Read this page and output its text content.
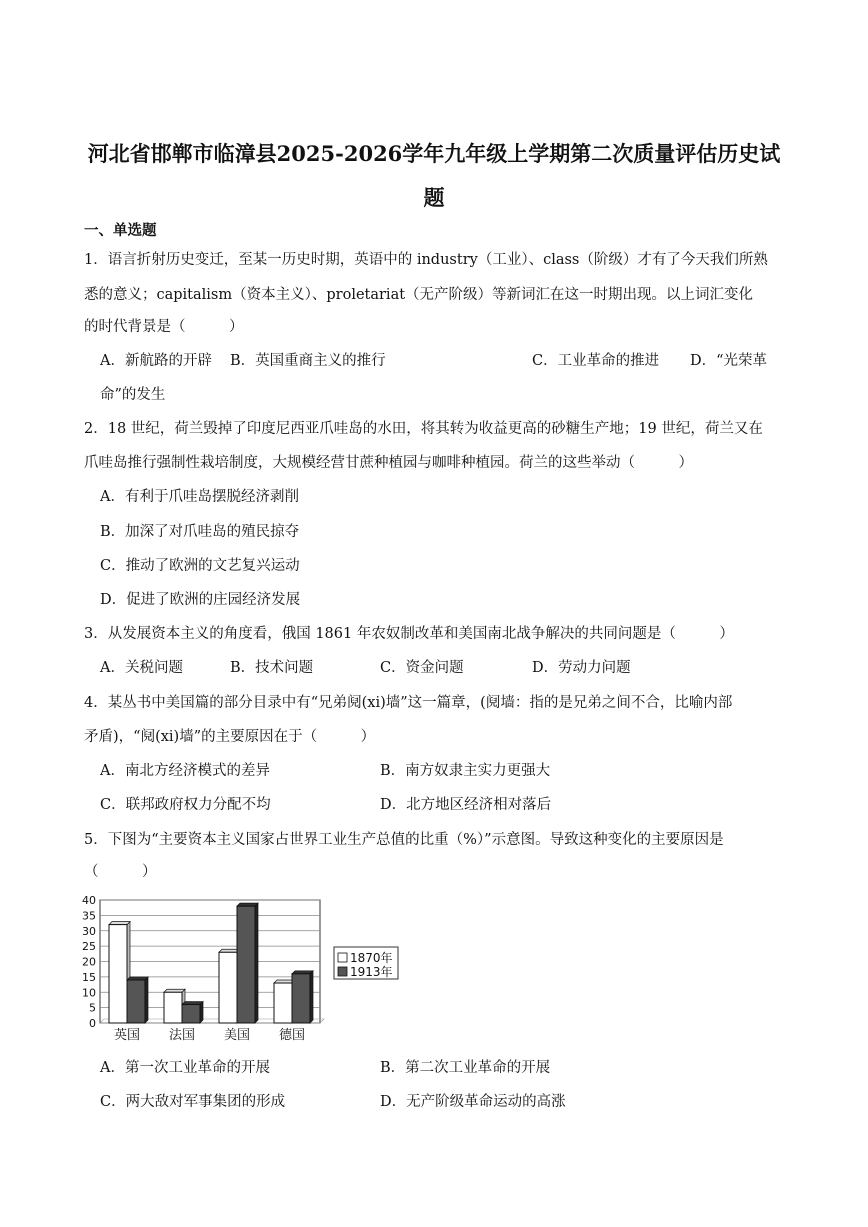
河北省邯郸市临漳县2025-2026学年九年级上学期第二次质量评估历史试
题
一、单选题
1．语言折射历史变迁，至某一历史时期，英语中的 industry（工业）、class（阶级）才有了今天我们所熟
悉的意义；capitalism（资本主义）、proletariat（无产阶级）等新词汇在这一时期出现。以上词汇变化
的时代背景是（　　　）
A．新航路的开辟 B．英国重商主义的推行	C．工业革命的推进 D．“光荣革
命”的发生
2．18 世纪，荷兰毁掉了印度尼西亚爪哇岛的水田，将其转为收益更高的砂糖生产地；19 世纪，荷兰又在
爪哇岛推行强制性栽培制度，大规模经营甘蔗种植园与咖啡种植园。荷兰的这些举动（　　　）
A．有利于爪哇岛摆脱经济剥削
B．加深了对爪哇岛的殖民掠夺
C．推动了欧洲的文艺复兴运动
D．促进了欧洲的庄园经济发展
3．从发展资本主义的角度看，俄国 1861 年农奴制改革和美国南北战争解决的共同问题是（　　　）
A．关税问题	B．技术问题	C．资金问题	D．劳动力问题
4．某丛书中美国篇的部分目录中有“兄弟阋(xi)墙”这一篇章，(阋墙：指的是兄弟之间不合，比喻内部
矛盾)，“阋(xi)墙”的主要原因在于（　　　）
A．南北方经济模式的差异	B．南方奴隶主实力更强大
C．联邦政府权力分配不均	D．北方地区经济相对落后
5．下图为“主要资本主义国家占世界工业生产总值的比重（%）”示意图。导致这种变化的主要原因是
（　　　）
0
5
10
15
20
25
30
35
40
英国 法国 美国 德国
1870年
1913年
A．第一次工业革命的开展	B．第二次工业革命的开展
C．两大敌对军事集团的形成	D．无产阶级革命运动的高涨
